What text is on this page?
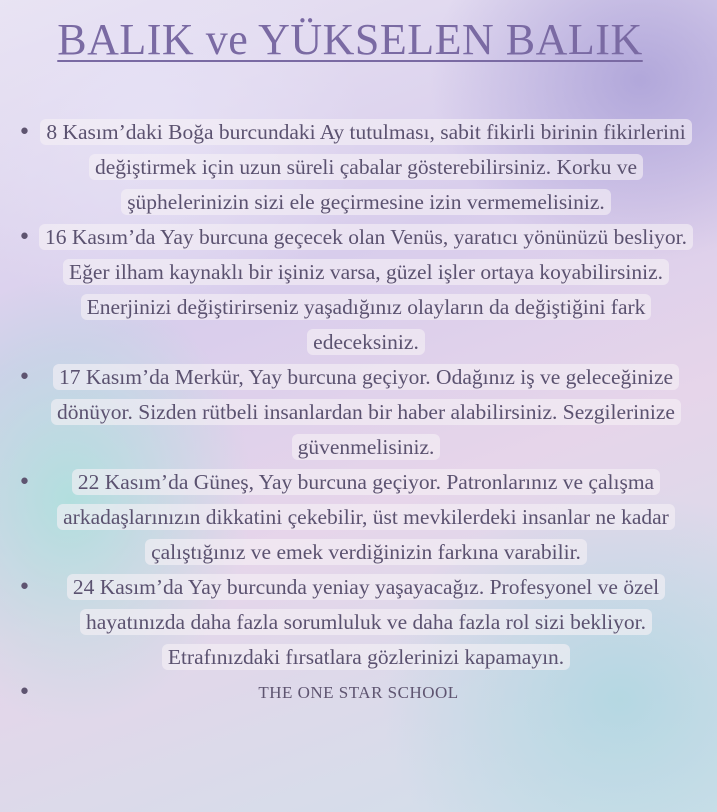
BALIK ve YÜKSELEN BALIK
• 8 Kasım’daki Boğa burcundaki Ay tutulması, sabit fikirli birinin fikirlerini değiştirmek için uzun süreli çabalar gösterebilirsiniz. Korku ve şüphelerinizin sizi ele geçirmesine izin vermemelisiniz.

• 16 Kasım’da Yay burcuna geçecek olan Venüs, yaratıcı yönünüzü besliyor. Eğer ilham kaynaklı bir işiniz varsa, güzel işler ortaya koyabilirsiniz. Enerjinizi değiştirirseniz yaşadığınız olayların da değiştiğini fark edeceksiniz.

•	17 Kasım’da Merkür, Yay burcuna geçiyor. Odağınız iş ve geleceğinize dönüyor. Sizden rütbeli insanlardan bir haber alabilirsiniz. Sezgilerinize güvenmelisiniz.

•	22 Kasım’da Güneş, Yay burcuna geçiyor. Patronlarınız ve çalışma arkadaşlarınızın dikkatini çekebilir, üst mevkilerdeki insanlar ne kadar çalıştığınız ve emek verdiğinizin farkına varabilir.

•	24 Kasım’da Yay burcunda yeniay yaşayacağız. Profesyonel ve özel hayatınızda daha fazla sorumluluk ve daha fazla rol sizi bekliyor. Etrafınızdaki fırsatlara gözlerinizi kapamayın.

•	THE ONE STAR SCHOOL
